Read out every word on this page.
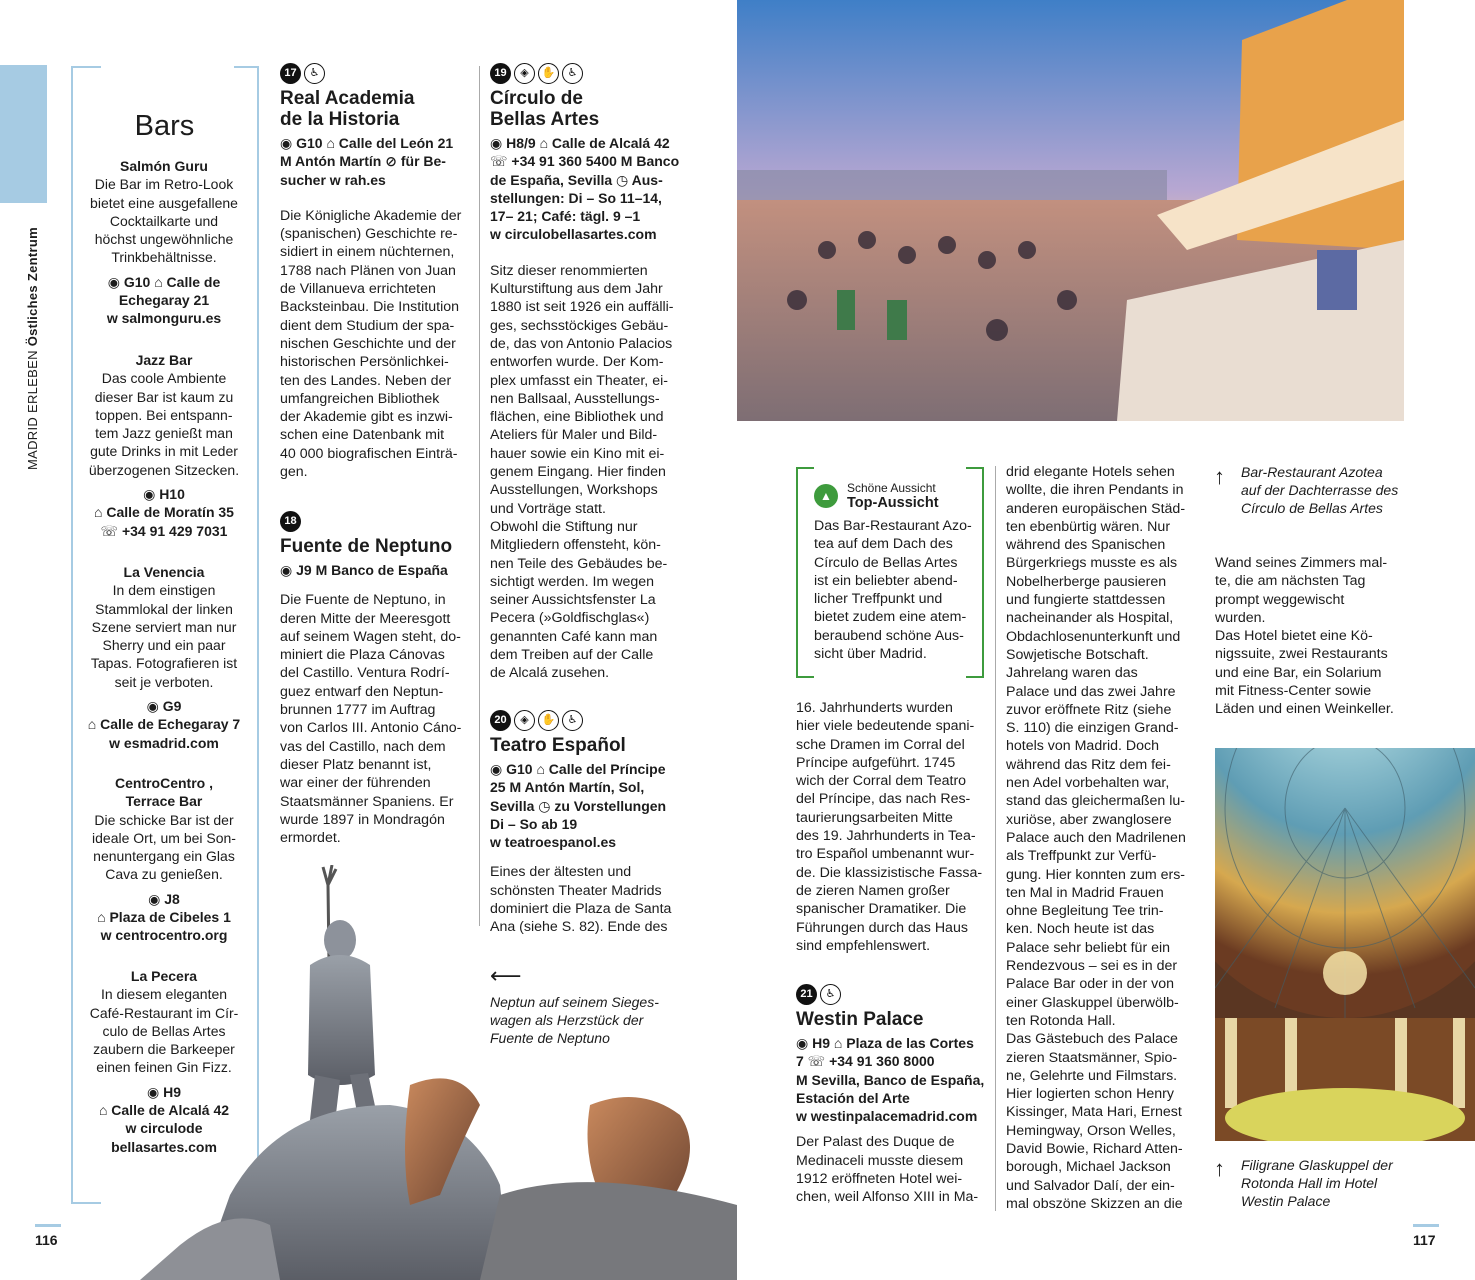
MADRID ERLEBEN Östliches Zentrum
Bars
Salmón Guru
Die Bar im Retro-Look
bietet eine ausgefallene
Cocktailkarte und
höchst ungewöhnliche
Trinkbehältnisse.
◉ G10 ⌂ Calle de
Echegaray 21
w salmonguru.es
Jazz Bar
Das coole Ambiente
dieser Bar ist kaum zu
toppen. Bei entspann-
tem Jazz genießt man
gute Drinks in mit Leder
überzogenen Sitzecken.
◉ H10
⌂ Calle de Moratín 35
☏ +34 91 429 7031
La Venencia
In dem einstigen
Stammlokal der linken
Szene serviert man nur
Sherry und ein paar
Tapas. Fotografieren ist
seit je verboten.
◉ G9
⌂ Calle de Echegaray 7
w esmadrid.com
CentroCentro ,
Terrace Bar
Die schicke Bar ist der
ideale Ort, um bei Son-
nenuntergang ein Glas
Cava zu genießen.
◉ J8
⌂ Plaza de Cibeles 1
w centrocentro.org
La Pecera
In diesem eleganten
Café-Restaurant im Cír-
culo de Bellas Artes
zaubern die Barkeeper
einen feinen Gin Fizz.
◉ H9
⌂ Calle de Alcalá 42
w circulode
bellasartes.com
17 ♿
Real Academia
de la Historia
◉ G10 ⌂ Calle del León 21
M Antón Martín ⊘ für Be-
sucher w rah.es
Die Königliche Akademie der
(spanischen) Geschichte re-
sidiert in einem nüchternen,
1788 nach Plänen von Juan
de Villanueva errichteten
Backsteinbau. Die Institution
dient dem Studium der spa-
nischen Geschichte und der
historischen Persönlichkei-
ten des Landes. Neben der
umfangreichen Bibliothek
der Akademie gibt es inzwi-
schen eine Datenbank mit
40 000 biografischen Einträ-
gen.
18
Fuente de Neptuno
◉ J9 M Banco de España
Die Fuente de Neptuno, in
deren Mitte der Meeresgott
auf seinem Wagen steht, do-
miniert die Plaza Cánovas
del Castillo. Ventura Rodrí-
guez entwarf den Neptun-
brunnen 1777 im Auftrag
von Carlos III. Antonio Cáno-
vas del Castillo, nach dem
dieser Platz benannt ist,
war einer der führenden
Staatsmänner Spaniens. Er
wurde 1897 in Mondragón
ermordet.
19 ◈ ✋ ♿
Círculo de
Bellas Artes
◉ H8/9 ⌂ Calle de Alcalá 42
☏ +34 91 360 5400 M Banco
de España, Sevilla ◷ Aus-
stellungen: Di – So 11–14,
17– 21; Café: tägl. 9 –1
w circulobellasartes.com
Sitz dieser renommierten
Kulturstiftung aus dem Jahr
1880 ist seit 1926 ein auffälli-
ges, sechsstöckiges Gebäu-
de, das von Antonio Palacios
entworfen wurde. Der Kom-
plex umfasst ein Theater, ei-
nen Ballsaal, Ausstellungs-
flächen, eine Bibliothek und
Ateliers für Maler und Bild-
hauer sowie ein Kino mit ei-
genem Eingang. Hier finden
Ausstellungen, Workshops
und Vorträge statt.
Obwohl die Stiftung nur
Mitgliedern offensteht, kön-
nen Teile des Gebäudes be-
sichtigt werden. Im wegen
seiner Aussichtsfenster La
Pecera (»Goldfischglas«)
genannten Café kann man
dem Treiben auf der Calle
de Alcalá zusehen.
20 ◈ ✋ ♿
Teatro Español
◉ G10 ⌂ Calle del Príncipe
25 M Antón Martín, Sol,
Sevilla ◷ zu Vorstellungen
Di – So ab 19
w teatroespanol.es
Eines der ältesten und
schönsten Theater Madrids
dominiert die Plaza de Santa
Ana (siehe S. 82). Ende des
⟵
Neptun auf seinem Sieges-
wagen als Herzstück der
Fuente de Neptuno
↑ Bar-Restaurant Azotea
auf der Dachterrasse des
Círculo de Bellas Artes
▲
Schöne Aussicht
Top-Aussicht
Das Bar-Restaurant Azo-
tea auf dem Dach des
Círculo de Bellas Artes
ist ein beliebter abend-
licher Treffpunkt und
bietet zudem eine atem-
beraubend schöne Aus-
sicht über Madrid.
16. Jahrhunderts wurden
hier viele bedeutende spani-
sche Dramen im Corral del
Príncipe aufgeführt. 1745
wich der Corral dem Teatro
del Príncipe, das nach Res-
taurierungsarbeiten Mitte
des 19. Jahrhunderts in Tea-
tro Español umbenannt wur-
de. Die klassizistische Fassa-
de zieren Namen großer
spanischer Dramatiker. Die
Führungen durch das Haus
sind empfehlenswert.
21 ♿
Westin Palace
◉ H9 ⌂ Plaza de las Cortes
7 ☏ +34 91 360 8000
M Sevilla, Banco de España,
Estación del Arte
w westinpalacemadrid.com
Der Palast des Duque de
Medinaceli musste diesem
1912 eröffneten Hotel wei-
chen, weil Alfonso XIII in Ma-
drid elegante Hotels sehen
wollte, die ihren Pendants in
anderen europäischen Städ-
ten ebenbürtig wären. Nur
während des Spanischen
Bürgerkriegs musste es als
Nobelherberge pausieren
und fungierte stattdessen
nacheinander als Hospital,
Obdachlosenunterkunft und
Sowjetische Botschaft.
Jahrelang waren das
Palace und das zwei Jahre
zuvor eröffnete Ritz (siehe
S. 110) die einzigen Grand-
hotels von Madrid. Doch
während das Ritz dem fei-
nen Adel vorbehalten war,
stand das gleichermaßen lu-
xuriöse, aber zwanglosere
Palace auch den Madrilenen
als Treffpunkt zur Verfü-
gung. Hier konnten zum ers-
ten Mal in Madrid Frauen
ohne Begleitung Tee trin-
ken. Noch heute ist das
Palace sehr beliebt für ein
Rendezvous – sei es in der
Palace Bar oder in der von
einer Glaskuppel überwölb-
ten Rotonda Hall.
Das Gästebuch des Palace
zieren Staatsmänner, Spio-
ne, Gelehrte und Filmstars.
Hier logierten schon Henry
Kissinger, Mata Hari, Ernest
Hemingway, Orson Welles,
David Bowie, Richard Atten-
borough, Michael Jackson
und Salvador Dalí, der ein-
mal obszöne Skizzen an die
Wand seines Zimmers mal-
te, die am nächsten Tag
prompt weggewischt
wurden.
Das Hotel bietet eine Kö-
nigssuite, zwei Restaurants
und eine Bar, ein Solarium
mit Fitness-Center sowie
Läden und einen Weinkeller.
↑ Filigrane Glaskuppel der
Rotonda Hall im Hotel
Westin Palace
116	117
